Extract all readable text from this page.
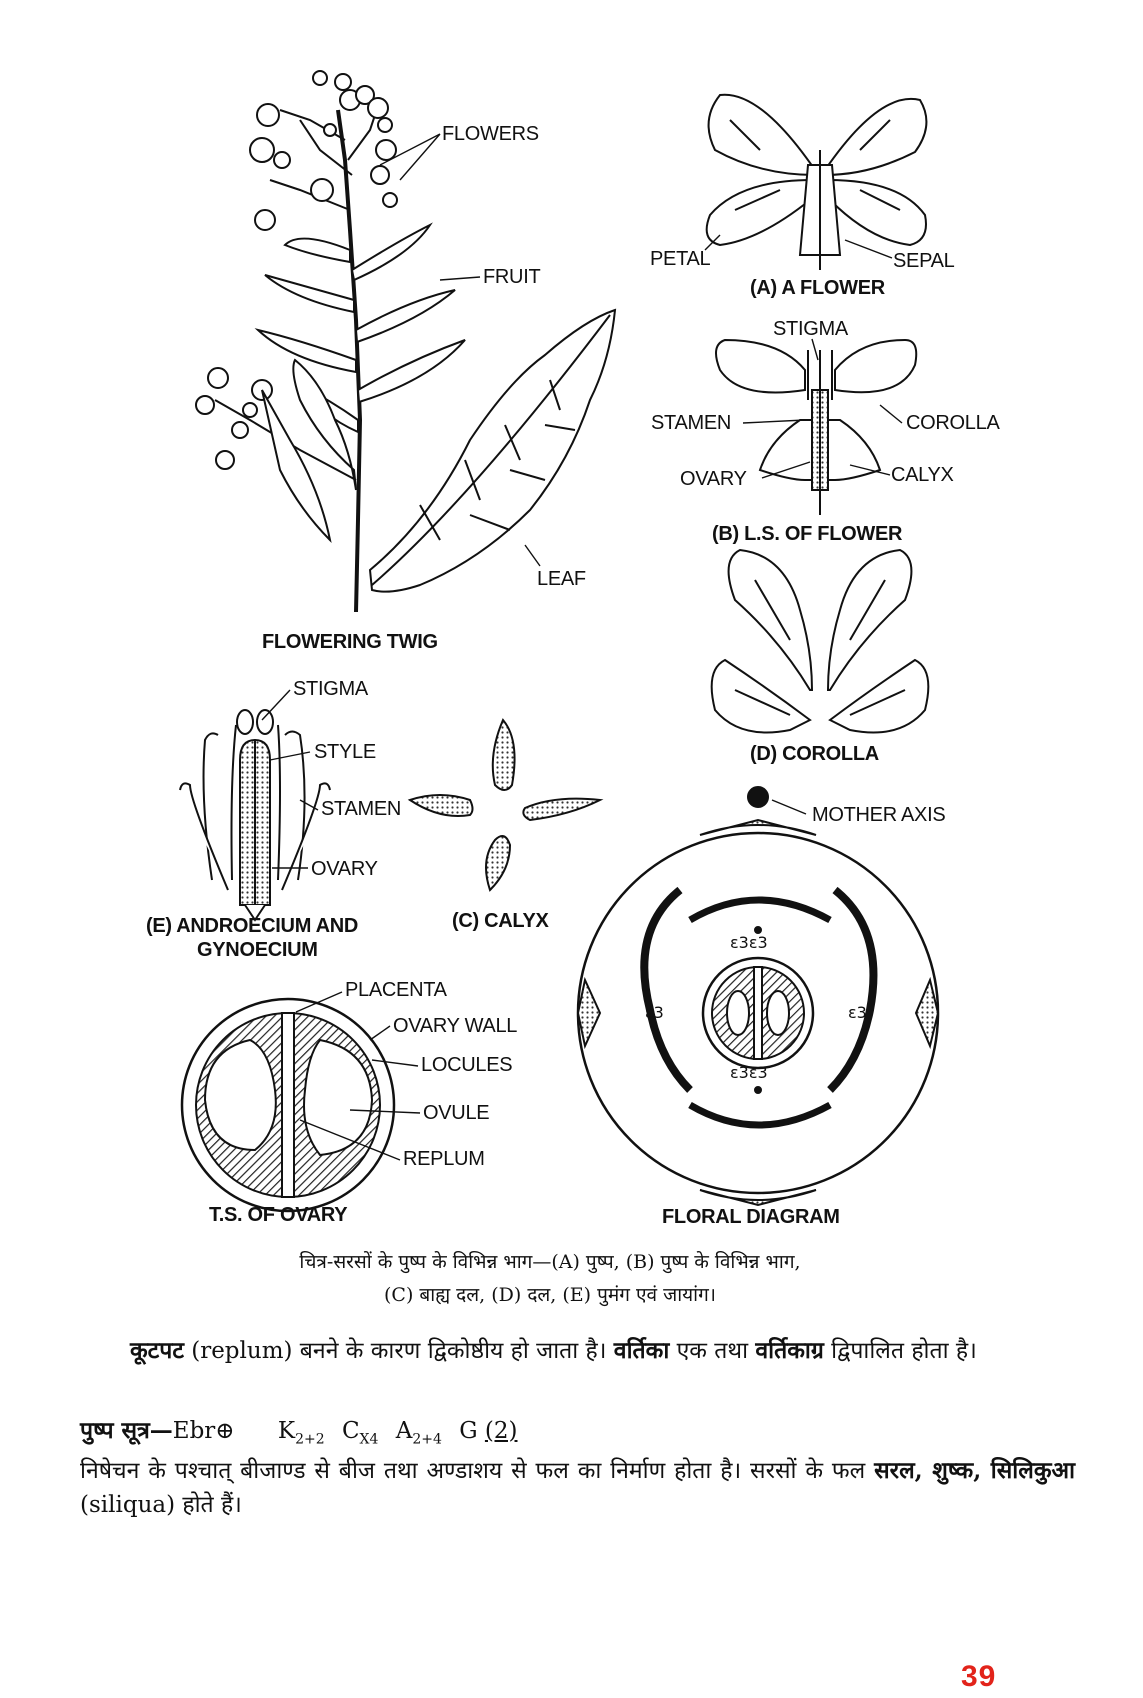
FLOWERS
FRUIT
LEAF
FLOWERING TWIG
PETAL	SEPAL
(A) A FLOWER
STIGMA
STAMEN	COROLLA
OVARY	CALYX
(B) L.S. OF FLOWER
(D) COROLLA
STIGMA
STYLE
STAMEN
OVARY
(E) ANDROECIUM AND
GYNOECIUM
(C) CALYX
PLACENTA
OVARY WALL
LOCULES
OVULE
REPLUM
T.S. OF OVARY
ε3ε3
ε3ε3
ε3	ε3
MOTHER AXIS
FLORAL DIAGRAM
चित्र-सरसों के पुष्प के विभिन्न भाग—(A) पुष्प, (B) पुष्प के विभिन्न भाग,
(C) बाह्य दल, (D) दल, (E) पुमंग एवं जायांग।
कूटपट (replum) बनने के कारण द्विकोष्ठीय हो जाता है। वर्तिका एक तथा वर्तिकाग्र द्विपालित होता है।
पुष्प सूत्र—Ebr⊕ $K_{2+2}$ $C_{X4}$ $A_{2+4}$ G (2)
निषेचन के पश्चात् बीजाण्ड से बीज तथा अण्डाशय से फल का निर्माण होता है। सरसों के फल सरल, शुष्क, सिलिकुआ (siliqua) होते हैं।
39
